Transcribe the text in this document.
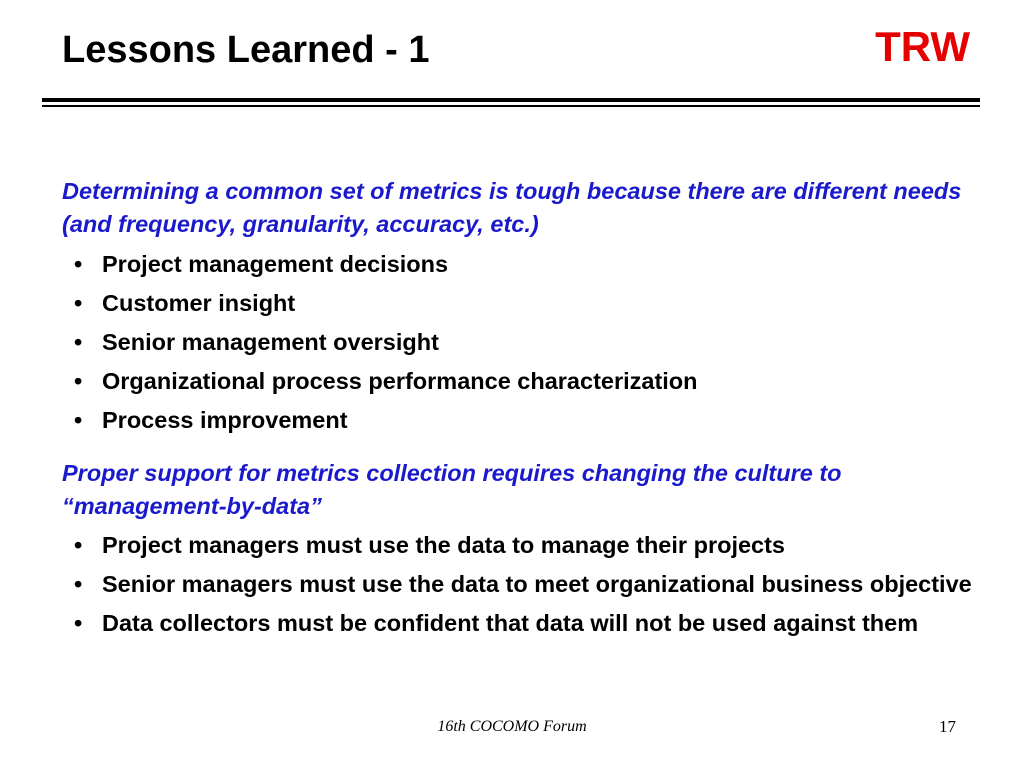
Lessons Learned - 1	TRW
Determining a common set of metrics is tough because there are different needs (and frequency, granularity, accuracy, etc.)
• Project management decisions
• Customer insight
• Senior management oversight
• Organizational process performance characterization
• Process improvement
Proper support for metrics collection requires changing the culture to “management-by-data”
• Project managers must use the data to manage their projects
• Senior managers must use the data to meet organizational business objective
• Data collectors must be confident that data will not be used against them
16th COCOMO Forum	17
